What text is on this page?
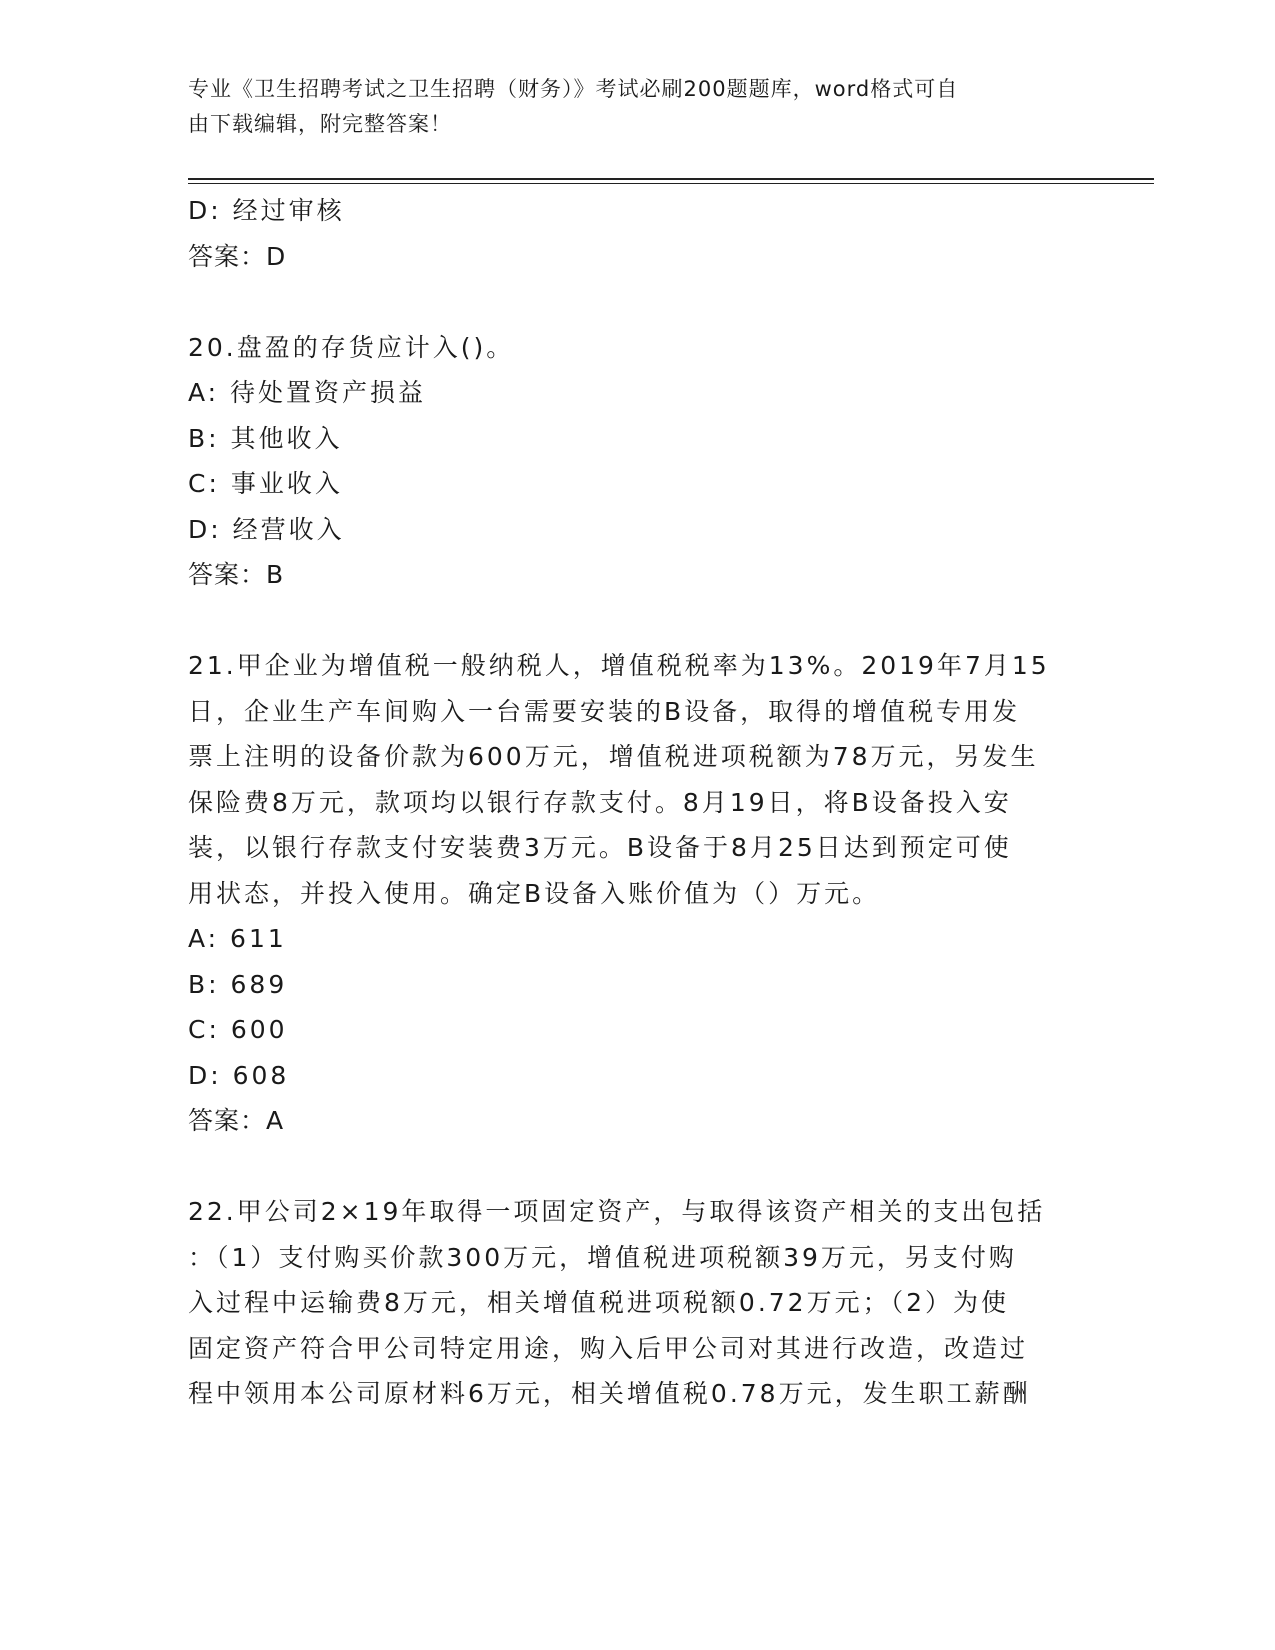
专业《卫生招聘考试之卫生招聘（财务）》考试必刷200题题库，word格式可自
由下载编辑，附完整答案！
D: 经过审核
答案：D
20.盘盈的存货应计入()。
A: 待处置资产损益
B: 其他收入
C: 事业收入
D: 经营收入
答案：B
21.甲企业为增值税一般纳税人，增值税税率为13%。2019年7月15
日，企业生产车间购入一台需要安装的B设备，取得的增值税专用发
票上注明的设备价款为600万元，增值税进项税额为78万元，另发生
保险费8万元，款项均以银行存款支付。8月19日，将B设备投入安
装，以银行存款支付安装费3万元。B设备于8月25日达到预定可使
用状态，并投入使用。确定B设备入账价值为（）万元。
A: 611
B: 689
C: 600
D: 608
答案：A
22.甲公司2×19年取得一项固定资产，与取得该资产相关的支出包括
：（1）支付购买价款300万元，增值税进项税额39万元，另支付购
入过程中运输费8万元，相关增值税进项税额0.72万元；（2）为使
固定资产符合甲公司特定用途，购入后甲公司对其进行改造，改造过
程中领用本公司原材料6万元，相关增值税0.78万元，发生职工薪酬
